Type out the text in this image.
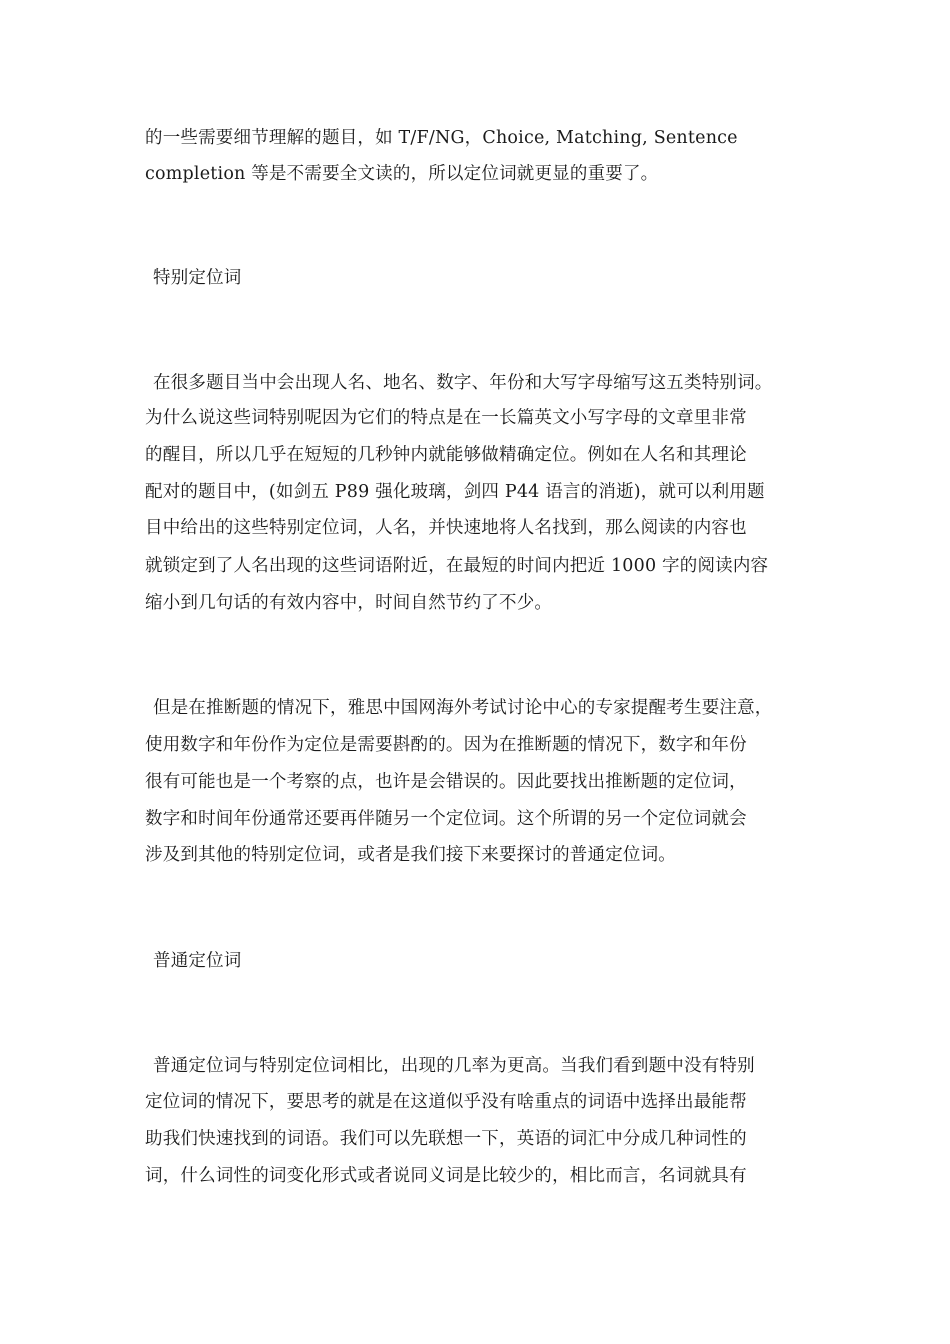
的一些需要细节理解的题目，如 T/F/NG，Choice, Matching, Sentence
completion 等是不需要全文读的，所以定位词就更显的重要了。
特别定位词
在很多题目当中会出现人名、地名、数字、年份和大写字母缩写这五类特别词。
为什么说这些词特别呢因为它们的特点是在一长篇英文小写字母的文章里非常
的醒目，所以几乎在短短的几秒钟内就能够做精确定位。例如在人名和其理论
配对的题目中，(如剑五 P89 强化玻璃，剑四 P44 语言的消逝)，就可以利用题
目中给出的这些特别定位词，人名，并快速地将人名找到，那么阅读的内容也
就锁定到了人名出现的这些词语附近，在最短的时间内把近 1000 字的阅读内容
缩小到几句话的有效内容中，时间自然节约了不少。
但是在推断题的情况下，雅思中国网海外考试讨论中心的专家提醒考生要注意，
使用数字和年份作为定位是需要斟酌的。因为在推断题的情况下，数字和年份
很有可能也是一个考察的点，也许是会错误的。因此要找出推断题的定位词，
数字和时间年份通常还要再伴随另一个定位词。这个所谓的另一个定位词就会
涉及到其他的特别定位词，或者是我们接下来要探讨的普通定位词。
普通定位词
普通定位词与特别定位词相比，出现的几率为更高。当我们看到题中没有特别
定位词的情况下，要思考的就是在这道似乎没有啥重点的词语中选择出最能帮
助我们快速找到的词语。我们可以先联想一下，英语的词汇中分成几种词性的
词，什么词性的词变化形式或者说同义词是比较少的，相比而言，名词就具有
